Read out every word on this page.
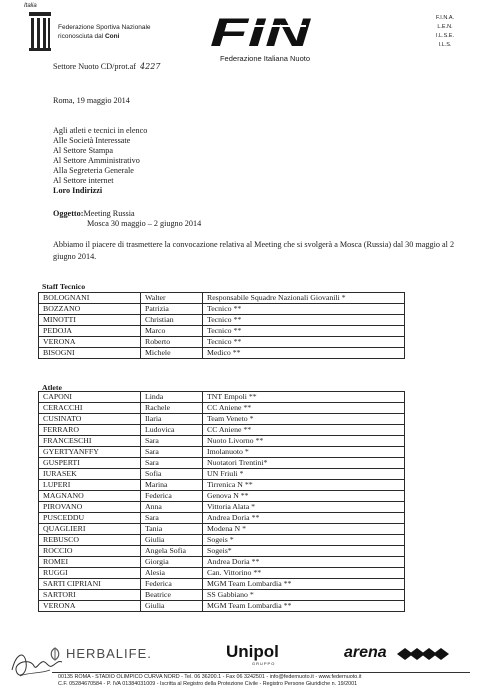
Italia
Federazione Sportiva Nazionale
riconosciuta dal Coni	FIN
Federazione Italiana Nuoto
F.I.N.A.
L.E.N.
I.L.S.E.
I.L.S.
Settore Nuoto CD/prot.af 4227
Roma, 19 maggio 2014
Agli atleti e tecnici in elenco
Alle Società Interessate
Al Settore Stampa
Al Settore Amministrativo
Alla Segreteria Generale
Al Settore internet
Loro Indirizzi
Oggetto:Meeting Russia
Mosca 30 maggio – 2 giugno 2014
Abbiamo il piacere di trasmettere la convocazione relativa al Meeting che si svolgerà a Mosca (Russia) dal 30 maggio al 2 giugno 2014.
Staff Tecnico
BOLOGNANI	Walter	Responsabile Squadre Nazionali Giovanili *
BOZZANO	Patrizia	Tecnico **
MINOTTI	Christian	Tecnico **
PEDOJA	Marco	Tecnico **
VERONA	Roberto	Tecnico **
BISOGNI	Michele	Medico **
Atlete
CAPONI	Linda	TNT Empoli **
CERACCHI	Rachele	CC Aniene **
CUSINATO	Ilaria	Team Veneto *
FERRARO	Ludovica	CC Aniene **
FRANCESCHI	Sara	Nuoto Livorno **
GYERTYANFFY	Sara	Imolanuoto *
GUSPERTI	Sara	Nuotatori Trentini*
IURASEK	Sofia	UN Friuli *
LUPERI	Marina	Tirrenica N **
MAGNANO	Federica	Genova N **
PIROVANO	Anna	Vittoria Alata *
PUSCEDDU	Sara	Andrea Doria **
QUAGLIERI	Tania	Modena N *
REBUSCO	Giulia	Sogeis *
ROCCIO	Angela Sofia	Sogeis*
ROMEI	Giorgia	Andrea Doria **
RUGGI	Alesia	Can. Vittorino **
SARTI CIPRIANI	Federica	MGM Team Lombardia **
SARTORI	Beatrice	SS Gabbiano *
VERONA	Giulia	MGM Team Lombardia **
HERBALIFE.	Unipol
GRUPPO
arena
00135 ROMA - STADIO OLIMPICO CURVA NORD - Tel. 06 36200.1 - Fax 06 3242501 - info@federnuoto.it - www.federnuoto.it
C.F. 05284670584 - P. IVA 01384031009 - Iscritta al Registro della Protezione Civile - Registro Persone Giuridiche n. 19/2001
